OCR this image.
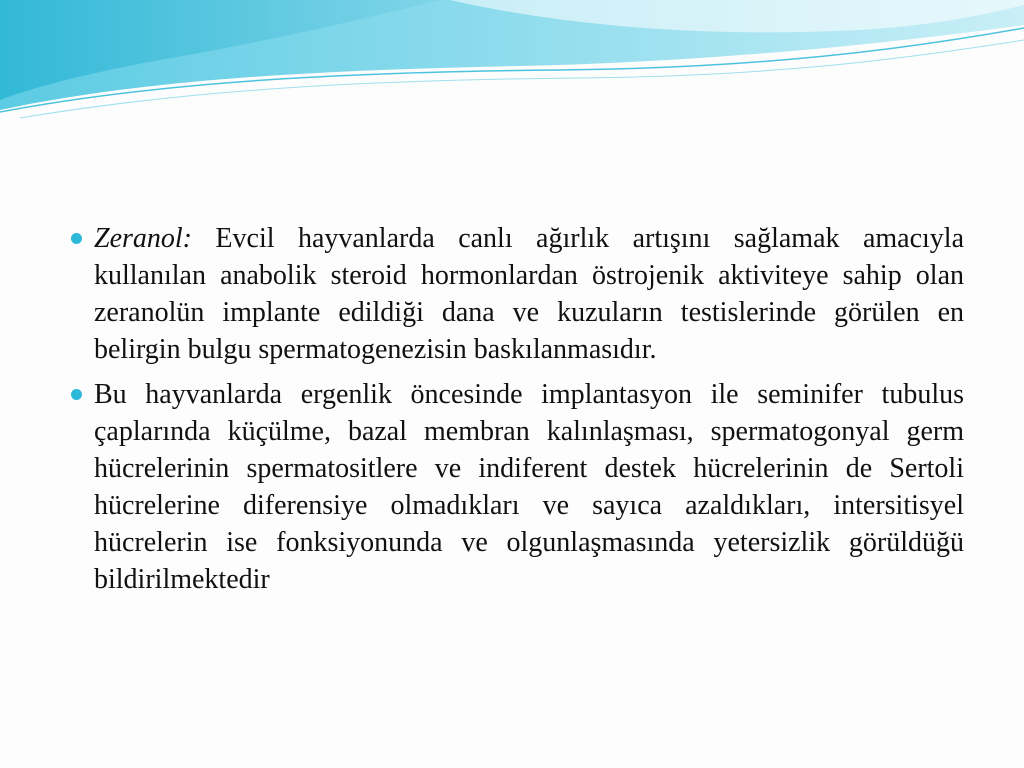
Zeranol: Evcil hayvanlarda canlı ağırlık artışını sağlamak amacıyla kullanılan anabolik steroid hormonlardan östrojenik aktiviteye sahip olan zeranolün implante edildiği dana ve kuzuların testislerinde görülen en belirgin bulgu spermatogenezisin baskılanmasıdır.
Bu hayvanlarda ergenlik öncesinde implantasyon ile seminifer tubulus çaplarında küçülme, bazal membran kalınlaşması, spermatogonyal germ hücrelerinin spermatositlere ve indiferent destek hücrelerinin de Sertoli hücrelerine diferensiye olmadıkları ve sayıca azaldıkları, intersitisyel hücrelerin ise fonksiyonunda ve olgunlaşmasında yetersizlik görüldüğü bildirilmektedir
